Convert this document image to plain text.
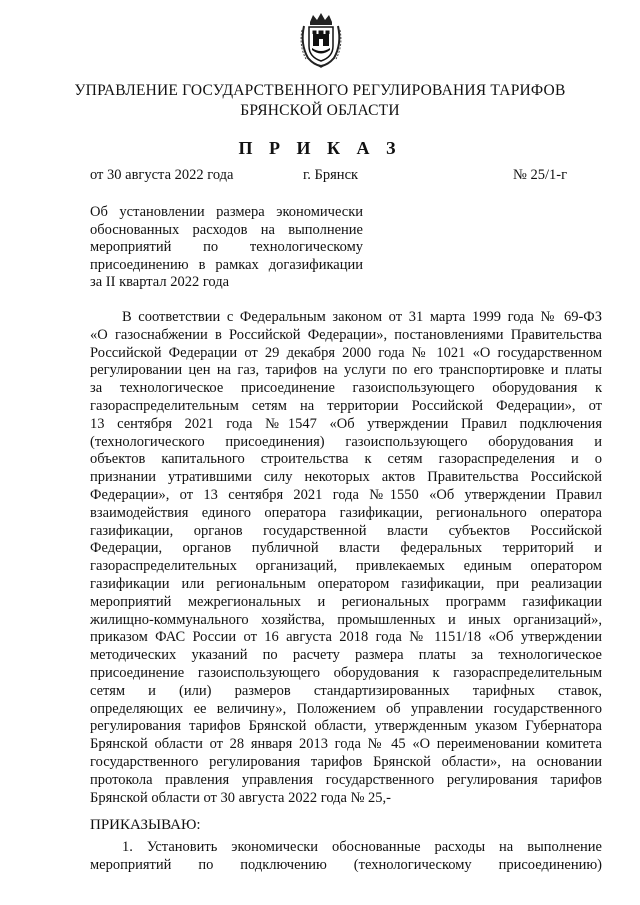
УПРАВЛЕНИЕ ГОСУДАРСТВЕННОГО РЕГУЛИРОВАНИЯ ТАРИФОВ
БРЯНСКОЙ ОБЛАСТИ
П Р И К А З
от 30 августа 2022 года	г. Брянск	№ 25/1-г
Об установлении размера экономически
обоснованных расходов на выполнение
мероприятий по технологическому
присоединению в рамках догазификации
за II квартал 2022 года
В соответствии с Федеральным законом от 31 марта 1999 года № 69-ФЗ
«О газоснабжении в Российской Федерации», постановлениями Правительства
Российской Федерации от 29 декабря 2000 года № 1021 «О государственном
регулировании цен на газ, тарифов на услуги по его транспортировке и платы
за технологическое присоединение газоиспользующего оборудования к
газораспределительным сетям на территории Российской Федерации», от
13 сентября 2021 года №1547 «Об утверждении Правил подключения
(технологического присоединения) газоиспользующего оборудования и
объектов капитального строительства к сетям газораспределения и о
признании утратившими силу некоторых актов Правительства Российской
Федерации», от 13 сентября 2021 года №1550 «Об утверждении Правил
взаимодействия единого оператора газификации, регионального оператора
газификации, органов государственной власти субъектов Российской
Федерации, органов публичной власти федеральных территорий и
газораспределительных организаций, привлекаемых единым оператором
газификации или региональным оператором газификации, при реализации
мероприятий межрегиональных и региональных программ газификации
жилищно-коммунального хозяйства, промышленных и иных организаций»,
приказом ФАС России от 16 августа 2018 года № 1151/18 «Об утверждении
методических указаний по расчету размера платы за технологическое
присоединение газоиспользующего оборудования к газораспределительным
сетям и (или) размеров стандартизированных тарифных ставок,
определяющих ее величину», Положением об управлении государственного
регулирования тарифов Брянской области, утвержденным указом Губернатора
Брянской области от 28 января 2013 года № 45 «О переименовании комитета
государственного регулирования тарифов Брянской области», на основании
протокола правления управления государственного регулирования тарифов
Брянской области от 30 августа 2022 года № 25,-
ПРИКАЗЫВАЮ:
1. Установить экономически обоснованные расходы на выполнение
мероприятий по подключению (технологическому присоединению)
